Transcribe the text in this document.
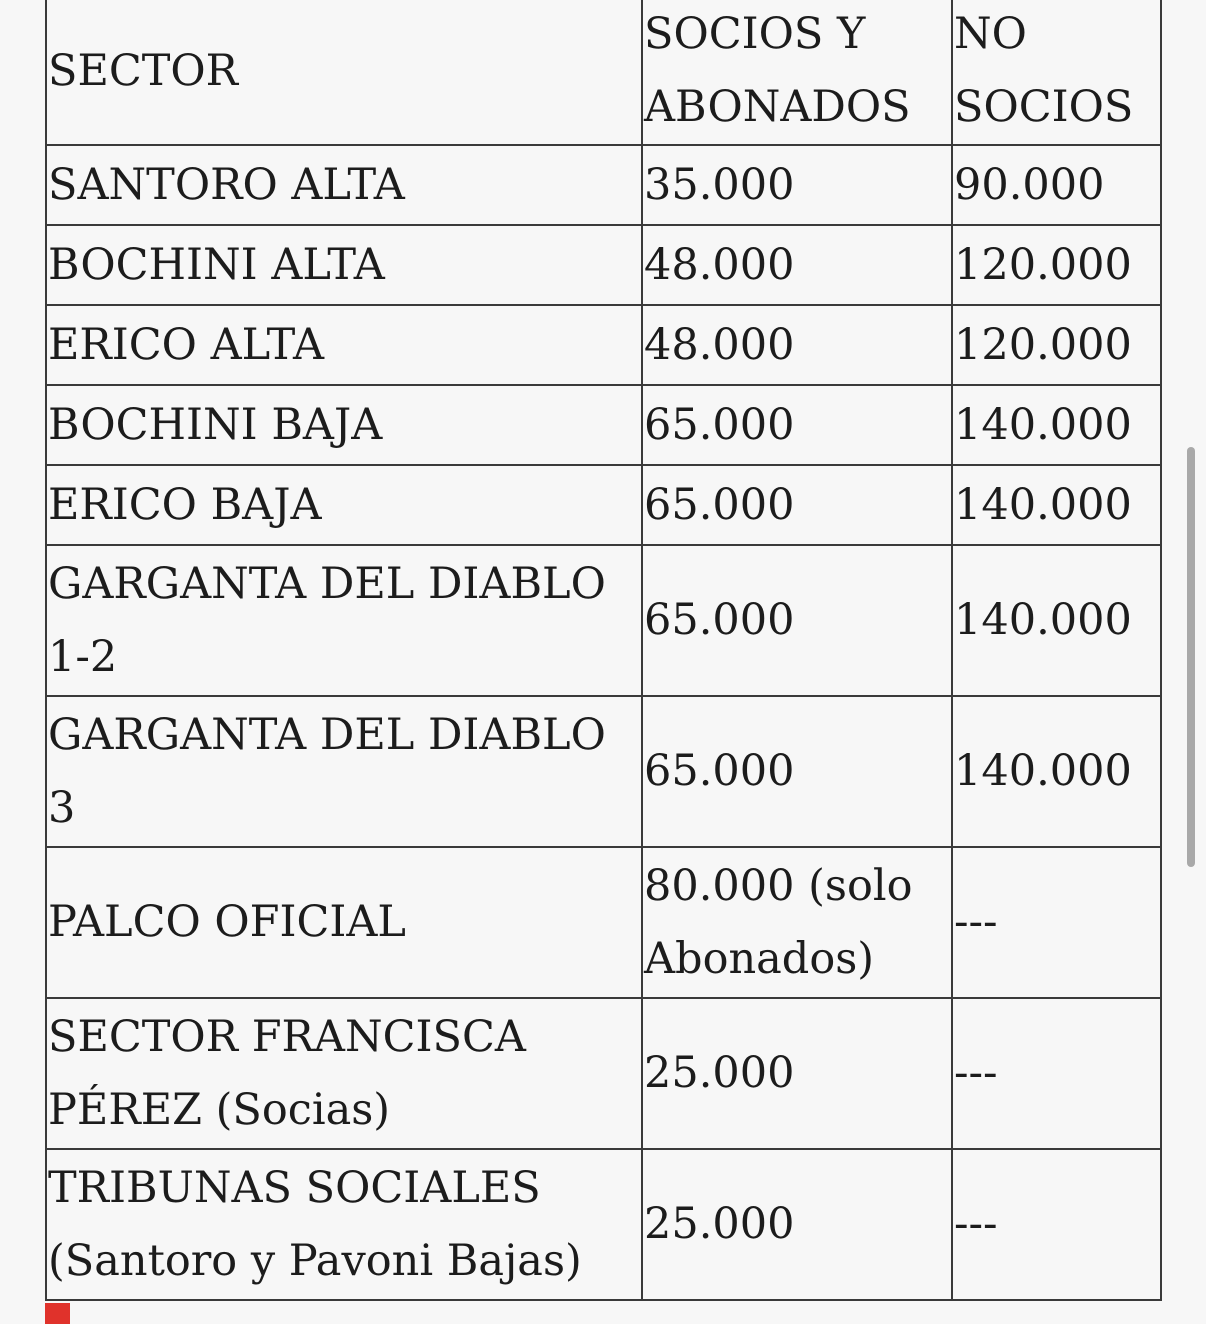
SECTOR	SOCIOS Y ABONADOS	NO SOCIOS
SANTORO ALTA	35.000	90.000
BOCHINI ALTA	48.000	120.000
ERICO ALTA	48.000	120.000
BOCHINI BAJA	65.000	140.000
ERICO BAJA	65.000	140.000
GARGANTA DEL DIABLO 1-2	65.000	140.000
GARGANTA DEL DIABLO 3	65.000	140.000
PALCO OFICIAL	80.000 (solo Abonados)	---
SECTOR FRANCISCA PÉREZ (Socias)	25.000	---
TRIBUNAS SOCIALES (Santoro y Pavoni Bajas)	25.000	---
